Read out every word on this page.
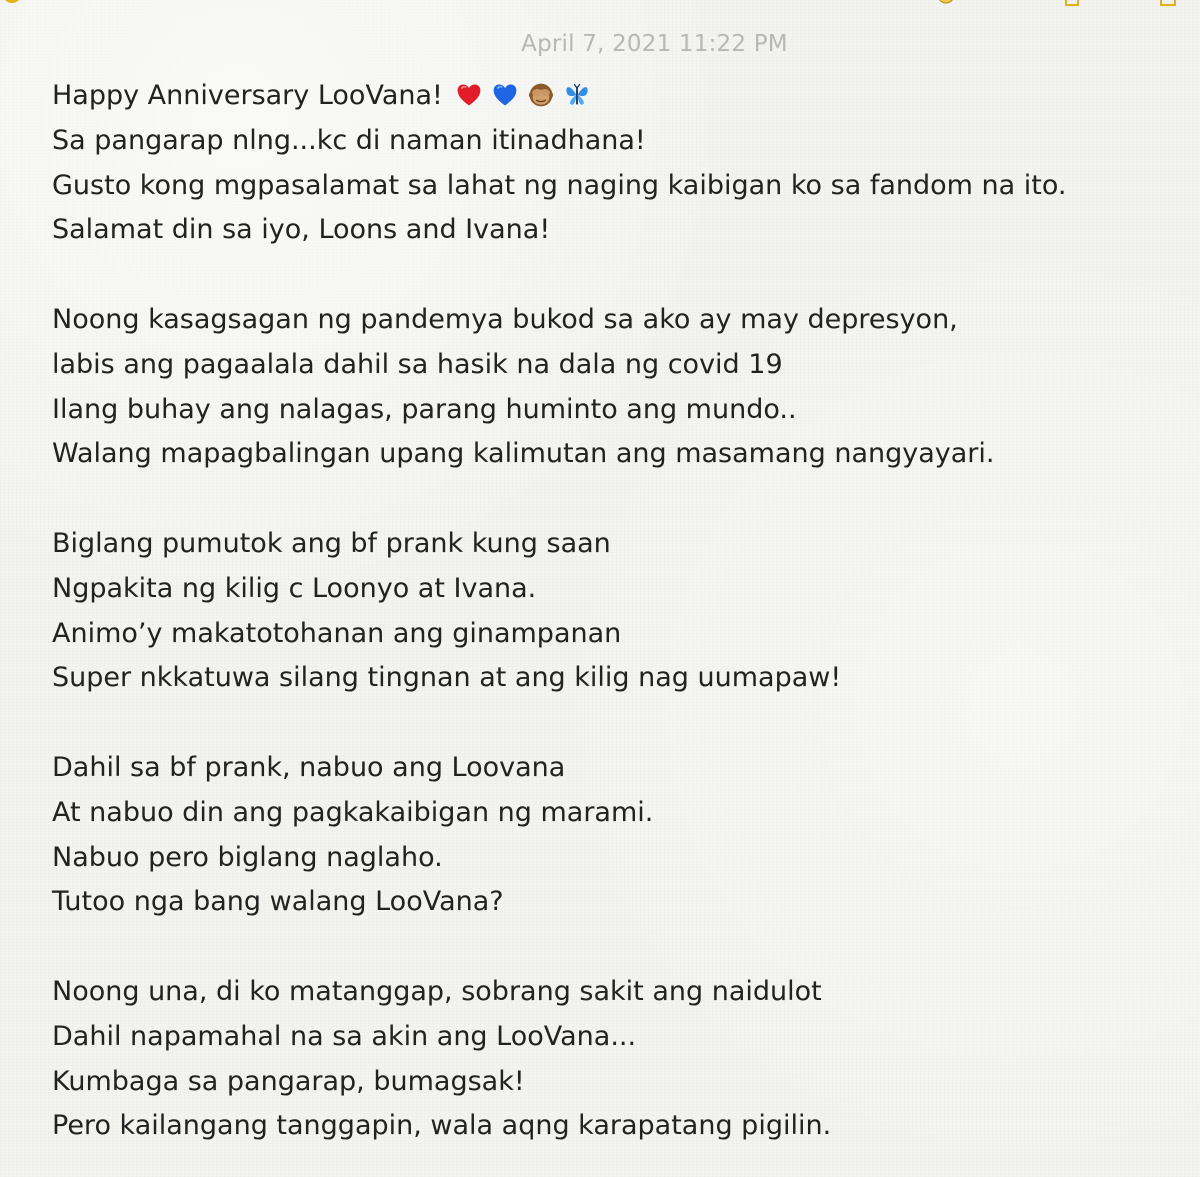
April 7, 2021 11:22 PM
Happy Anniversary LooVana!
Sa pangarap nlng...kc di naman itinadhana!
Gusto kong mgpasalamat sa lahat ng naging kaibigan ko sa fandom na ito.
Salamat din sa iyo, Loons and Ivana!
Noong kasagsagan ng pandemya bukod sa ako ay may depresyon,
labis ang pagaalala dahil sa hasik na dala ng covid 19
Ilang buhay ang nalagas, parang huminto ang mundo..
Walang mapagbalingan upang kalimutan ang masamang nangyayari.
Biglang pumutok ang bf prank kung saan
Ngpakita ng kilig c Loonyo at Ivana.
Animo’y makatotohanan ang ginampanan
Super nkkatuwa silang tingnan at ang kilig nag uumapaw!
Dahil sa bf prank, nabuo ang Loovana
At nabuo din ang pagkakaibigan ng marami.
Nabuo pero biglang naglaho.
Tutoo nga bang walang LooVana?
Noong una, di ko matanggap, sobrang sakit ang naidulot
Dahil napamahal na sa akin ang LooVana...
Kumbaga sa pangarap, bumagsak!
Pero kailangang tanggapin, wala aqng karapatang pigilin.
